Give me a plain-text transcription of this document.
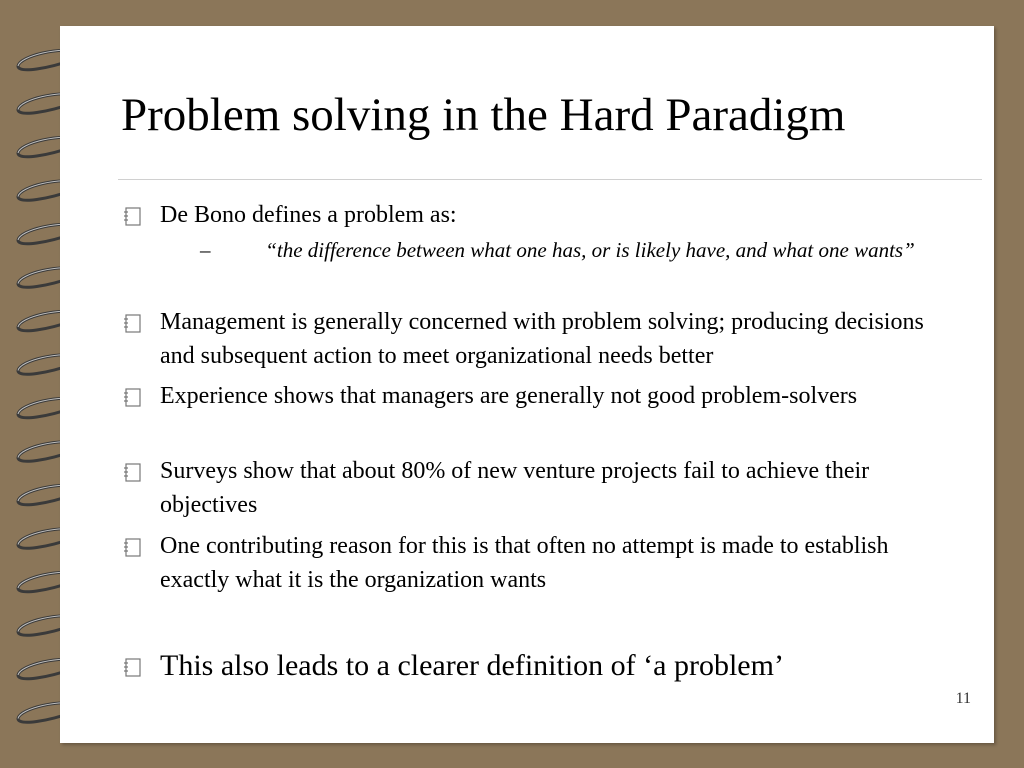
Problem solving in the Hard Paradigm
De Bono defines a problem as:
–	“the difference between what one has, or is likely have, and what one wants”
Management is generally concerned with problem solving; producing decisions and subsequent action to meet organizational needs better
Experience shows that managers are generally not good problem-solvers
Surveys show that about 80% of new venture projects fail to achieve their objectives
One contributing reason for this is that often no attempt is made to establish exactly what it is the organization wants
This also leads to a clearer definition of ‘a problem’
11
